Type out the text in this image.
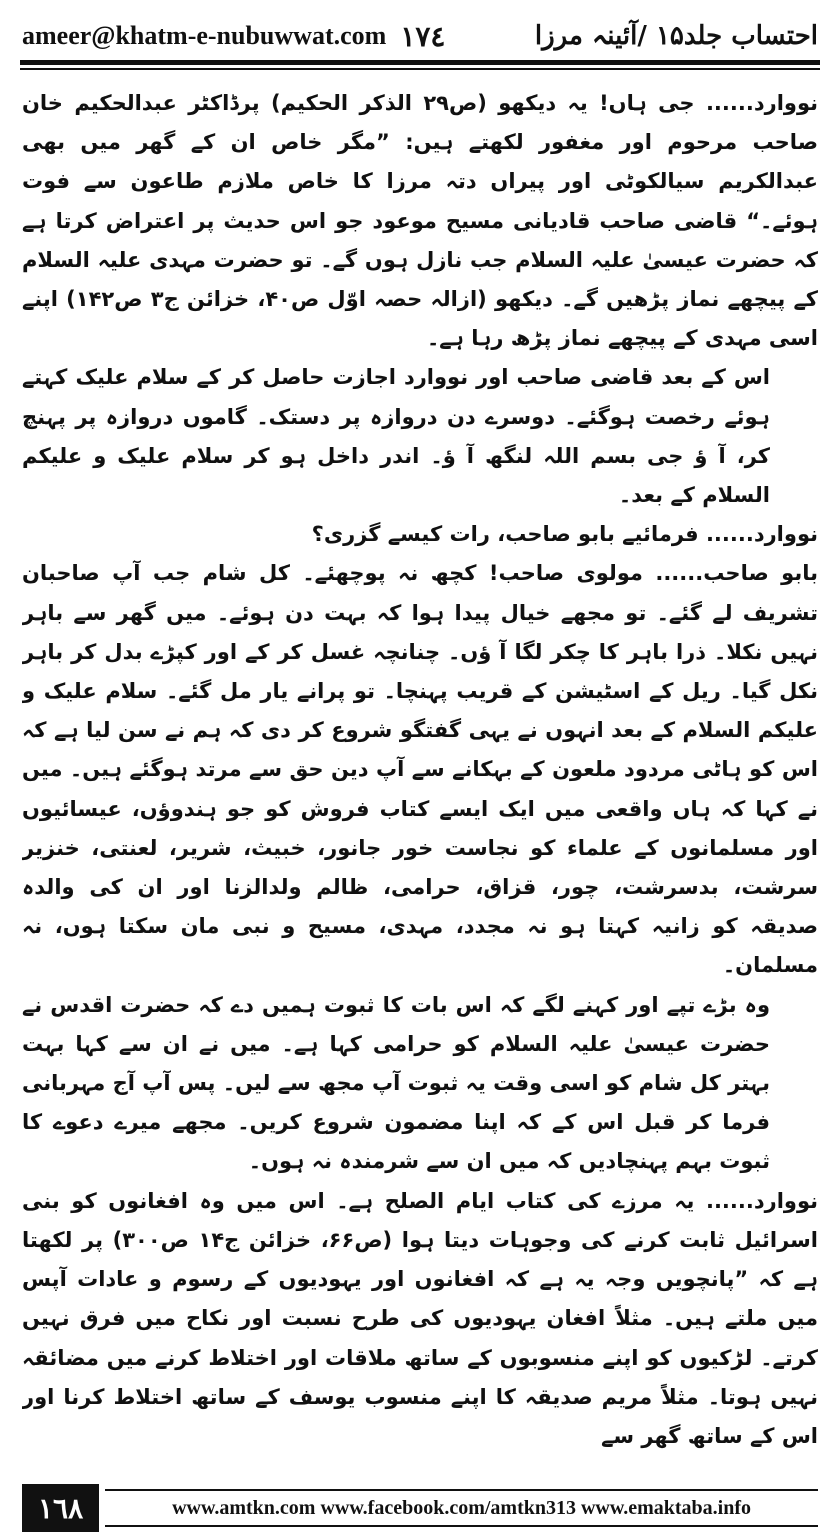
ameer@khatm-e-nubuwwat.com ١٧٤	احتساب جلد۱۵ /آئینہ مرزا

نووارد...... جی ہاں! یہ دیکھو (ص۲۹ الذکر الحکیم) پرڈاکٹر عبدالحکیم خان صاحب مرحوم اور مغفور لکھتے ہیں: ”مگر خاص ان کے گھر میں بھی عبدالکریم سیالکوٹی اور پیراں دتہ مرزا کا خاص ملازم طاعون سے فوت ہوئے۔“ قاضی صاحب قادیانی مسیح موعود جو اس حدیث پر اعتراض کرتا ہے کہ حضرت عیسیٰ علیہ السلام جب نازل ہوں گے۔ تو حضرت مہدی علیہ السلام کے پیچھے نماز پڑھیں گے۔ دیکھو (ازالہ حصہ اوّل ص۴۰، خزائن ج۳ ص۱۴۲) اپنے اسی مہدی کے پیچھے نماز پڑھ رہا ہے۔

اس کے بعد قاضی صاحب اور نووارد اجازت حاصل کر کے سلام علیک کہتے ہوئے رخصت ہوگئے۔ دوسرے دن دروازہ پر دستک۔ گاموں دروازہ پر پہنچ کر، آ ؤ جی بسم اللہ لنگھ آ ؤ۔ اندر داخل ہو کر سلام علیک و علیکم السلام کے بعد۔

نووارد...... فرمائیے بابو صاحب، رات کیسے گزری؟

بابو صاحب...... مولوی صاحب! کچھ نہ پوچھئے۔ کل شام جب آپ صاحبان تشریف لے گئے۔ تو مجھے خیال پیدا ہوا کہ بہت دن ہوئے۔ میں گھر سے باہر نہیں نکلا۔ ذرا باہر کا چکر لگا آ ؤں۔ چنانچہ غسل کر کے اور کپڑے بدل کر باہر نکل گیا۔ ریل کے اسٹیشن کے قریب پہنچا۔ تو پرانے یار مل گئے۔ سلام علیک و علیکم السلام کے بعد انہوں نے یہی گفتگو شروع کر دی کہ ہم نے سن لیا ہے کہ اس کو ہاٹی مردود ملعون کے بہکانے سے آپ دین حق سے مرتد ہوگئے ہیں۔ میں نے کہا کہ ہاں واقعی میں ایک ایسے کتاب فروش کو جو ہندوؤں، عیسائیوں اور مسلمانوں کے علماء کو نجاست خور جانور، خبیث، شریر، لعنتی، خنزیر سرشت، بدسرشت، چور، قزاق، حرامی، ظالم ولدالزنا اور ان کی والدہ صدیقہ کو زانیہ کہتا ہو نہ مجدد، مہدی، مسیح و نبی مان سکتا ہوں، نہ مسلمان۔

وہ بڑے تپے اور کہنے لگے کہ اس بات کا ثبوت ہمیں دے کہ حضرت اقدس نے حضرت عیسیٰ علیہ السلام کو حرامی کہا ہے۔ میں نے ان سے کہا بہت بہتر کل شام کو اسی وقت یہ ثبوت آپ مجھ سے لیں۔ پس آپ آج مہربانی فرما کر قبل اس کے کہ اپنا مضمون شروع کریں۔ مجھے میرے دعوے کا ثبوت بہم پہنچادیں کہ میں ان سے شرمندہ نہ ہوں۔

نووارد...... یہ مرزے کی کتاب ایام الصلح ہے۔ اس میں وہ افغانوں کو بنی اسرائیل ثابت کرنے کی وجوہات دیتا ہوا (ص۶۶، خزائن ج۱۴ ص۳۰۰) پر لکھتا ہے کہ ”پانچویں وجہ یہ ہے کہ افغانوں اور یہودیوں کے رسوم و عادات آپس میں ملتے ہیں۔ مثلاً افغان یہودیوں کی طرح نسبت اور نکاح میں فرق نہیں کرتے۔ لڑکیوں کو اپنے منسوبوں کے ساتھ ملاقات اور اختلاط کرنے میں مضائقہ نہیں ہوتا۔ مثلاً مریم صدیقہ کا اپنے منسوب یوسف کے ساتھ اختلاط کرنا اور اس کے ساتھ گھر سے

١٦٨	www.amtkn.com www.facebook.com/amtkn313 www.emaktaba.info
